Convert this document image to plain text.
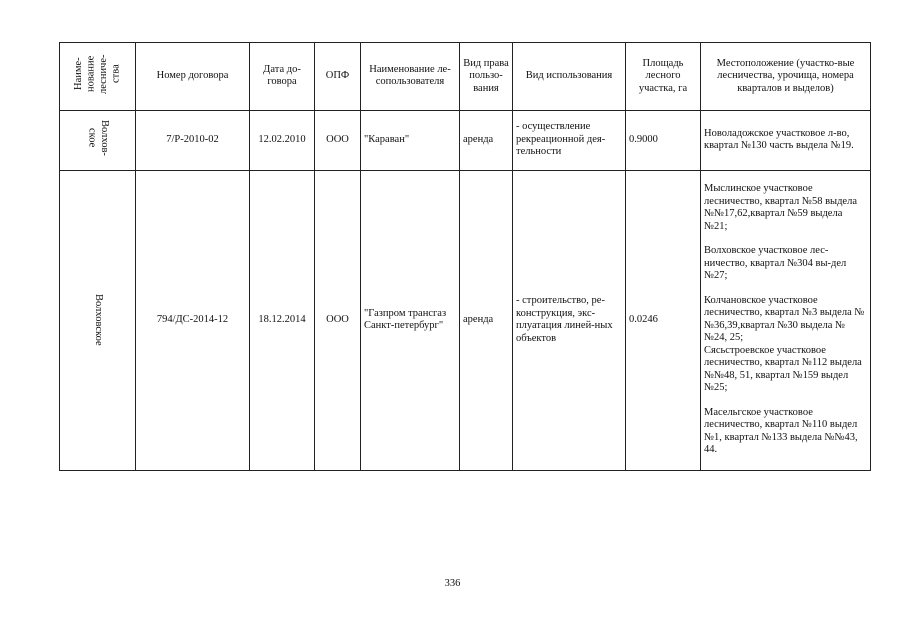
Наиме-нование лесничe-ства	Номер договора	Дата до-говора	ОПФ	Наименование ле-сопользователя	Вид права пользо-вания	Вид использования	Площадь лесного участка, га	Местоположение (участко-вые лесничества, урочища, номера кварталов и выделов)
Волхов-ское	7/Р-2010-02	12.02.2010	ООО	"Караван"	аренда	- осуществление рекреационной дея-тельности	0.9000	Новоладожское участковое л-во, квартал №130 часть выдела №19.
Волховское	794/ДС-2014-12	18.12.2014	ООО	"Газпром трансгаз Санкт-петербург"	аренда	- строительство, ре-конструкция, экс-плуатация линей-ных объектов	0.0246	Мыслинское участковое лесничество, квартал №58 выдела №№17,62,квартал №59 выдела №21;

Волховское участковое лес-ничество, квартал №304 вы-дел №27;

Колчановское участковое лесничество, квартал №3 выдела №№36,39,квартал №30 выдела №№24, 25;

Сясьстроевское участковое лесничество, квартал №112 выдела №№48, 51, квартал №159 выдел №25;

Масельгское участковое лесничество, квартал №110 выдел №1, квартал №133 выдела №№43, 44.

336
